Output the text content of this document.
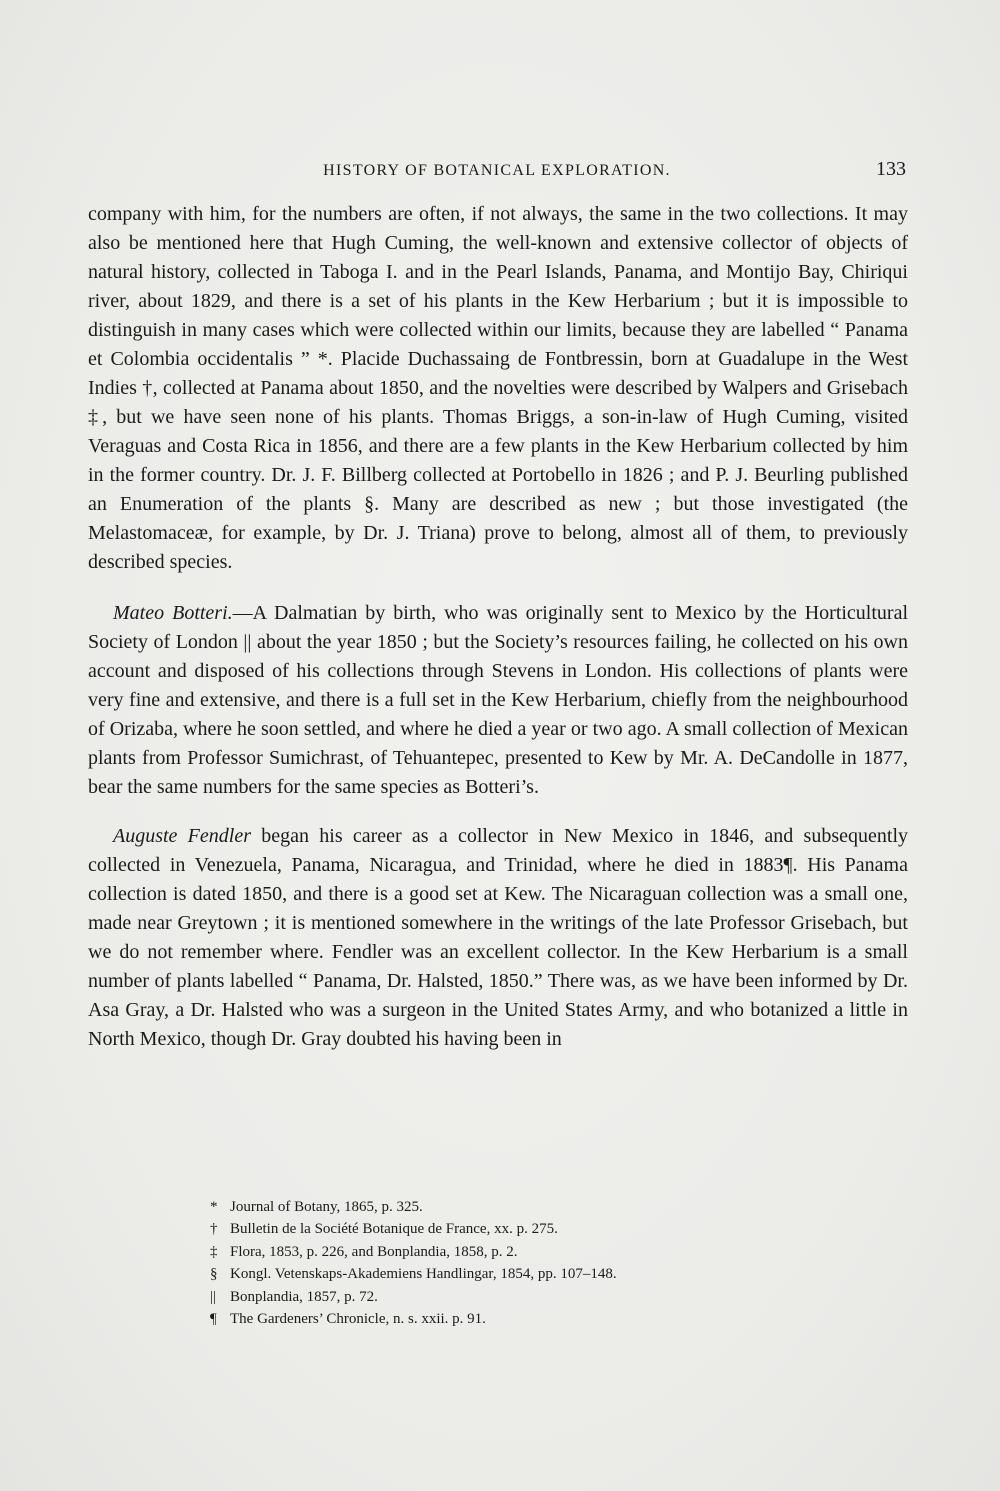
HISTORY OF BOTANICAL EXPLORATION.	133

company with him, for the numbers are often, if not always, the same in the two collections. It may also be mentioned here that Hugh Cuming, the well-known and extensive collector of objects of natural history, collected in Taboga I. and in the Pearl Islands, Panama, and Montijo Bay, Chiriqui river, about 1829, and there is a set of his plants in the Kew Herbarium ; but it is impossible to distinguish in many cases which were collected within our limits, because they are labelled “ Panama et Colombia occidentalis ” *. Placide Duchassaing de Fontbressin, born at Guadalupe in the West Indies †, collected at Panama about 1850, and the novelties were described by Walpers and Grisebach ‡, but we have seen none of his plants. Thomas Briggs, a son-in-law of Hugh Cuming, visited Veraguas and Costa Rica in 1856, and there are a few plants in the Kew Herbarium collected by him in the former country. Dr. J. F. Billberg collected at Portobello in 1826 ; and P. J. Beurling published an Enumeration of the plants §. Many are described as new ; but those investigated (the Melastomaceæ, for example, by Dr. J. Triana) prove to belong, almost all of them, to previously described species.

Mateo Botteri.—A Dalmatian by birth, who was originally sent to Mexico by the Horticultural Society of London || about the year 1850 ; but the Society’s resources failing, he collected on his own account and disposed of his collections through Stevens in London. His collections of plants were very fine and extensive, and there is a full set in the Kew Herbarium, chiefly from the neighbourhood of Orizaba, where he soon settled, and where he died a year or two ago. A small collection of Mexican plants from Professor Sumichrast, of Tehuantepec, presented to Kew by Mr. A. DeCandolle in 1877, bear the same numbers for the same species as Botteri’s.

Auguste Fendler began his career as a collector in New Mexico in 1846, and subsequently collected in Venezuela, Panama, Nicaragua, and Trinidad, where he died in 1883¶. His Panama collection is dated 1850, and there is a good set at Kew. The Nicaraguan collection was a small one, made near Greytown ; it is mentioned somewhere in the writings of the late Professor Grisebach, but we do not remember where. Fendler was an excellent collector. In the Kew Herbarium is a small number of plants labelled “ Panama, Dr. Halsted, 1850.” There was, as we have been informed by Dr. Asa Gray, a Dr. Halsted who was a surgeon in the United States Army, and who botanized a little in North Mexico, though Dr. Gray doubted his having been in

* Journal of Botany, 1865, p. 325.
† Bulletin de la Société Botanique de France, xx. p. 275.
‡ Flora, 1853, p. 226, and Bonplandia, 1858, p. 2.
§ Kongl. Vetenskaps-Akademiens Handlingar, 1854, pp. 107–148.
|| Bonplandia, 1857, p. 72.
¶ The Gardeners’ Chronicle, n. s. xxii. p. 91.
